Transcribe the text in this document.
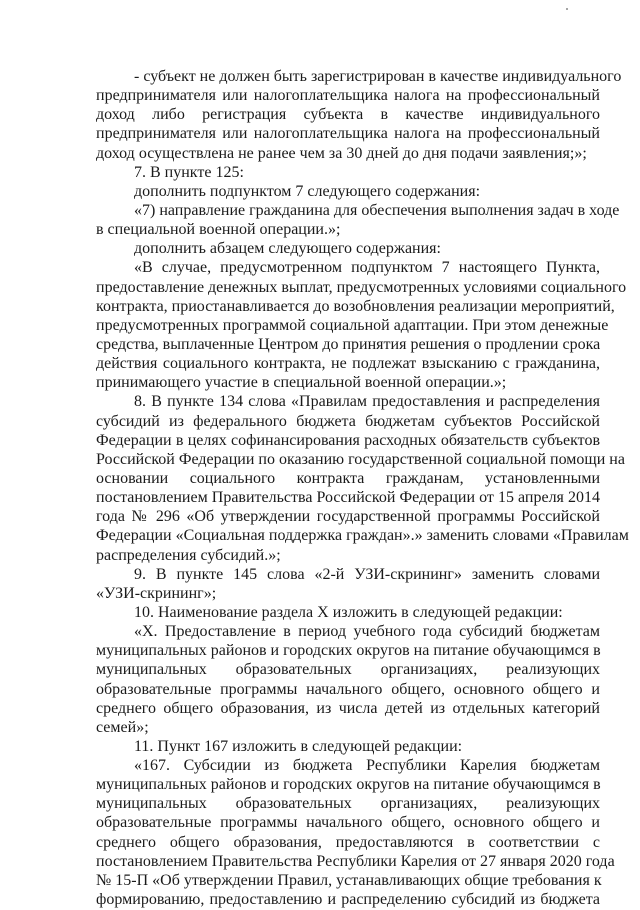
- субъект не должен быть зарегистрирован в качестве индивидуального
предпринимателя или налогоплательщика налога на профессиональный
доход либо регистрация субъекта в качестве индивидуального
предпринимателя или налогоплательщика налога на профессиональный
доход осуществлена не ранее чем за 30 дней до дня подачи заявления;»;
7. В пункте 125:
дополнить подпунктом 7 следующего содержания:
«7) направление гражданина для обеспечения выполнения задач в ходе
в специальной военной операции.»;
дополнить абзацем следующего содержания:
«В случае, предусмотренном подпунктом 7 настоящего Пункта,
предоставление денежных выплат, предусмотренных условиями социального
контракта, приостанавливается до возобновления реализации мероприятий,
предусмотренных программой социальной адаптации. При этом денежные
средства, выплаченные Центром до принятия решения о продлении срока
действия социального контракта, не подлежат взысканию с гражданина,
принимающего участие в специальной военной операции.»;
8. В пункте 134 слова «Правилам предоставления и распределения
субсидий из федерального бюджета бюджетам субъектов Российской
Федерации в целях софинансирования расходных обязательств субъектов
Российской Федерации по оказанию государственной социальной помощи на
основании социального контракта гражданам, установленными
постановлением Правительства Российской Федерации от 15 апреля 2014
года № 296 «Об утверждении государственной программы Российской
Федерации «Социальная поддержка граждан».» заменить словами «Правилам
распределения субсидий.»;
9. В пункте 145 слова «2-й УЗИ-скрининг» заменить словами
«УЗИ-скрининг»;
10. Наименование раздела X изложить в следующей редакции:
«X. Предоставление в период учебного года субсидий бюджетам
муниципальных районов и городских округов на питание обучающимся в
муниципальных образовательных организациях, реализующих
образовательные программы начального общего, основного общего и
среднего общего образования, из числа детей из отдельных категорий
семей»;
11. Пункт 167 изложить в следующей редакции:
«167. Субсидии из бюджета Республики Карелия бюджетам
муниципальных районов и городских округов на питание обучающимся в
муниципальных образовательных организациях, реализующих
образовательные программы начального общего, основного общего и
среднего общего образования, предоставляются в соответствии с
постановлением Правительства Республики Карелия от 27 января 2020 года
№ 15-П «Об утверждении Правил, устанавливающих общие требования к
формированию, предоставлению и распределению субсидий из бюджета
